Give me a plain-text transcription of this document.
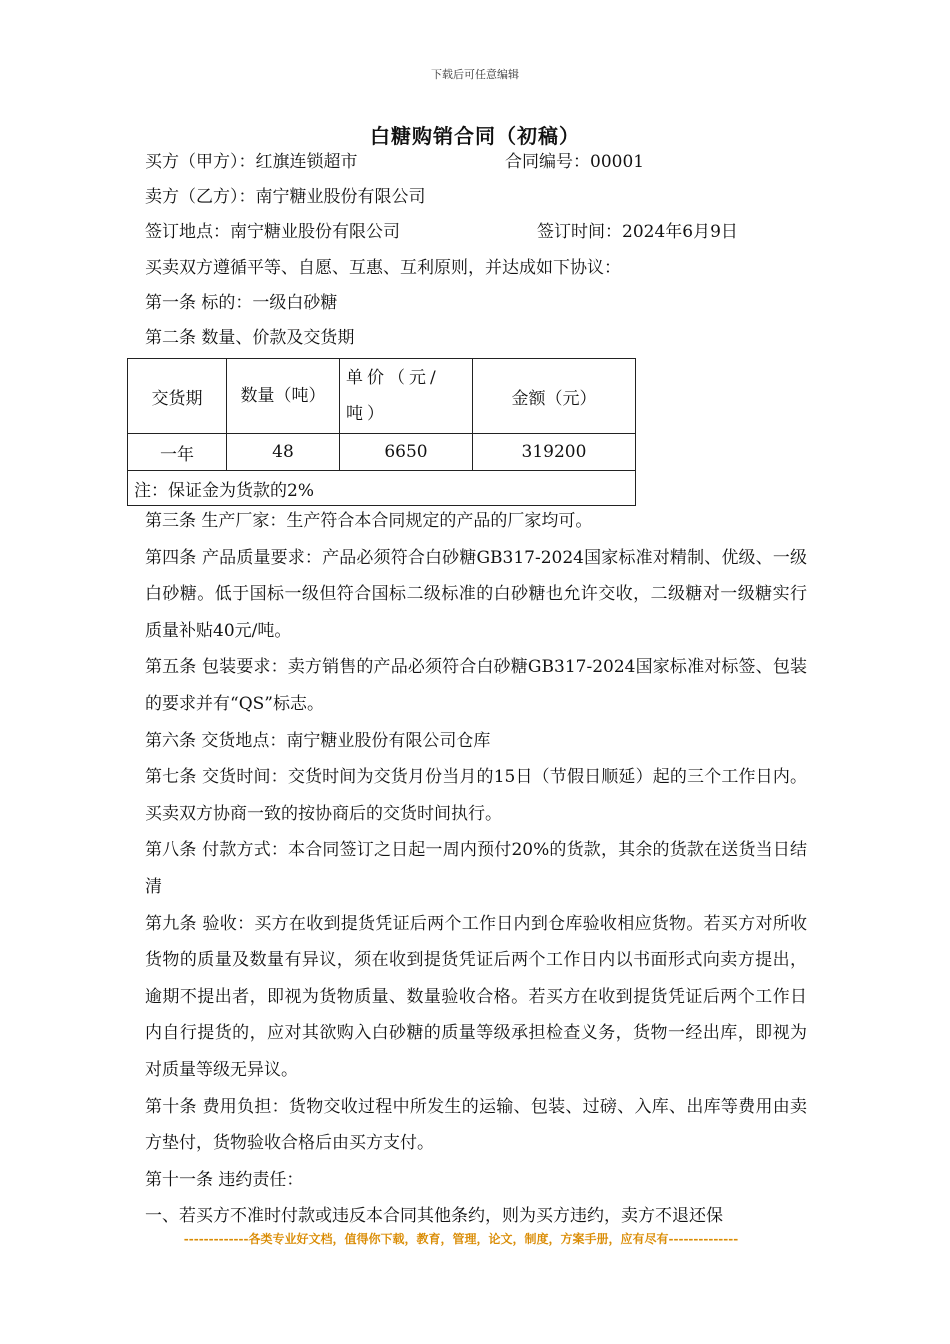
下载后可任意编辑
白糖购销合同（初稿）
买方（甲方）：红旗连锁超市	合同编号：00001
卖方（乙方）：南宁糖业股份有限公司
签订地点：南宁糖业股份有限公司	签订时间：2024年6月9日
买卖双方遵循平等、自愿、互惠、互利原则，并达成如下协议：
第一条 标的：一级白砂糖
第二条 数量、价款及交货期
交货期	数量（吨）	单价（元/吨）	金额（元）
一年	48	6650	319200
注：保证金为货款的2%			

第三条 生产厂家：生产符合本合同规定的产品的厂家均可。

第四条 产品质量要求：产品必须符合白砂糖GB317-2024国家标准对精制、优级、一级白砂糖。低于国标一级但符合国标二级标准的白砂糖也允许交收，二级糖对一级糖实行质量补贴40元/吨。

第五条 包装要求：卖方销售的产品必须符合白砂糖GB317-2024国家标准对标签、包装的要求并有“QS”标志。

第六条 交货地点：南宁糖业股份有限公司仓库

第七条 交货时间：交货时间为交货月份当月的15日（节假日顺延）起的三个工作日内。买卖双方协商一致的按协商后的交货时间执行。

第八条 付款方式：本合同签订之日起一周内预付20%的货款，其余的货款在送货当日结清

第九条 验收：买方在收到提货凭证后两个工作日内到仓库验收相应货物。若买方对所收货物的质量及数量有异议，须在收到提货凭证后两个工作日内以书面形式向卖方提出，逾期不提出者，即视为货物质量、数量验收合格。若买方在收到提货凭证后两个工作日内自行提货的，应对其欲购入白砂糖的质量等级承担检查义务，货物一经出库，即视为对质量等级无异议。

第十条 费用负担：货物交收过程中所发生的运输、包装、过磅、入库、出库等费用由卖方垫付，货物验收合格后由买方支付。

第十一条 违约责任：

一、若买方不准时付款或违反本合同其他条约，则为买方违约，卖方不退还保

-------------各类专业好文档，值得你下载，教育，管理，论文，制度，方案手册，应有尽有--------------
